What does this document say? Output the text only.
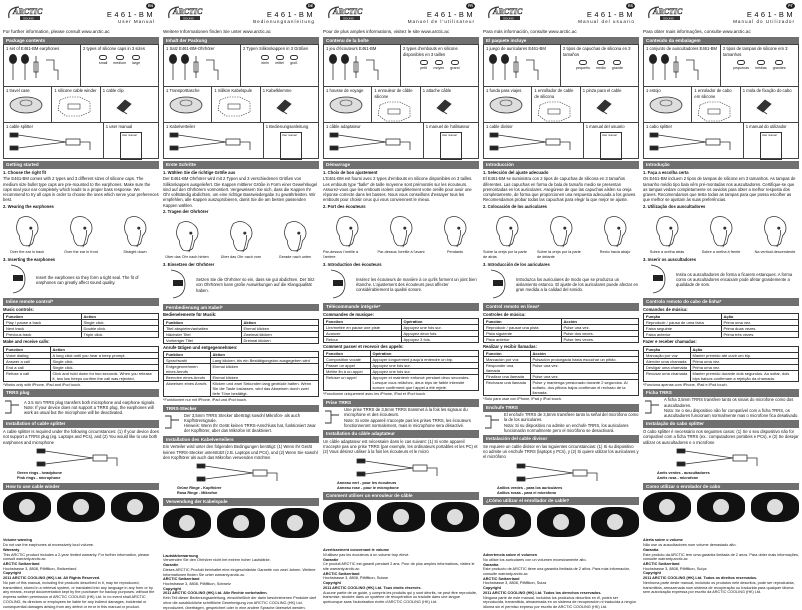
ARCTIC
SOUND
EN
E461-BM
User Manual
For further information, please consult www.arctic.ac
Package contents
1 set of E461-BM earphones	2 types of silicone caps in 3 sizes
small medium large
1 travel case	1 silicone cable winder 1 cable clip
1 cable splitter	1 user manual
User manual
Getting started
1. Choose the right fit
The E461-BM comes with 2 types and 3 different sizes of silicone caps. The medium size bullet type caps are pre-mounted to the earphones. Make sure the caps seal your ear completely which leads to a proper bass response. We recommend to try all caps in order to choose the ones which serve your preferences best.
2. Wearing the earphones
Over the ear in back	Over the ear in front	Straight down
3. Inserting the earphones
Insert the earphones so they form a tight seal. The fit of earphones can greatly affect sound quality.
Inline remote control*
Music controls:
Function	Action
Play / pause a track	Single click.
Next track	Double click.
Previous track	Triple click.
Make and receive calls:
Function	Action
Voice dialing	A long click until you hear a beep prompt.
Answer a call	Single click.
End a call	Single click.
Refuse a call	Click and hold down for two seconds. When you release it, two low beeps confirm the call was rejected.
*Works only with iPhone, iPad and iPod touch.
TRRS plug
A 3.5 mm TRRS plug transfers both microphone and earphone signals.
Note: If your device does not support a TRRS plug, the earphones will work as usual but the microphone will be deactivated.
Installation of cable splitter
A cable splitter is required under the following circumstances: (1) If your device does not support a TRRS plug (eg. Laptops and PCs), and (2) You would like to use both earphones and microphone
Green rings - headphone
Pink rings - microphone
How to use cable winder
Volume warning
Do not use the earphones at excessively loud volume.
Warranty
This ARCTIC product includes a 2-year limited warranty. For further information, please consult warranty.arctic.ac
ARCTIC Switzerland
Hochstrasse 3, 8808, Pfäffikon, Switzerland
Copyright
2011 ARCTIC COOLING (HK) Ltd. All Rights Reserved.
No part of this manual, including the products described in it, may be reproduced, transmitted, stored in a retrieval system, or translated into any language in any form or by any means, except documentation kept by the purchaser for backup purposes, without the express written permission of ARCTIC COOLING (HK) Ltd. In no event shall ARCTIC COOLING, its directors or employees be liable for any indirect damages, incidental or consequential damages arising from any defect or error in this manual or product.
ARCTIC
SOUND
DE
E461-BM
Bedienungsanleitung
Weitere Informationen finden Sie unter www.arctic.ac
Inhalt der Packung
1 Satz E461-BM-Ohrhörer	2 Typen Silikonkappen in 3 Größen
klein mittel groß
1 Transporttasche	1 Silikon Kabelspule	1 Kabelklemme
1 Kabelverteiler	1 Bedienungsanleitung
User manual
Erste Schritte
1. Wählen Sie die richtige Größe aus
Der E461-BM Ohrhörer wird mit 2 Typen und 3 verschiedenen Größen von Silikonkappen ausgeliefert. Die Kappen mittlerer Größe in Form einer Gewehrkugel sind auf den Ohrhörern vormontiert. Vergewissern Sie sich, dass die Kappen Ihr Ohr vollständig abdichten, um eine richtige Basswiedergabe zu gewährleisten. Wir empfehlen, alle Kappen auszuprobieren, damit Sie die am besten passenden Kappen wählen.
2. Tragen der Ohrhörer
Über das Ohr nach hinten	Über das Ohr nach vorn	Gerade nach unten
3. Einsetzen der Ohrhörer
Setzen Sie die Ohrhörer so ein, dass sie gut abdichten. Der Sitz von Ohrhörern kann große Auswirkungen auf die Klangqualität haben.
Fernbedienung am Kabel*
Bedienelemente für Musik:
Funktion	Aktion
Titel abspielen/anhalten	Einmal klicken
Nächster Titel	Zweimal klicken
Vorheriger Titel	Dreimal klicken
Anrufe tätigen und entgegennehmen:
Funktion	Aktion
Sprachwahl	Lang klicken, bis ein Bestätigungston ausgegeben wird
Entgegennehmen eines Anrufs	Einmal klicken
Beenden eines Anrufs	Einmal klicken
Abweisen eines Anrufs	Klicken und zwei Sekunden lang gedrückt halten. Wenn Sie die Taste loslassen, wird das Abweisen durch zwei tiefe Töne bestätigt.
*Funktioniert nur mit iPhone, iPad und iPod touch.
TRRS-Stecker
Der 3,5mm TRRS Stecker überträgt sowohl Mikrofon- als auch Kopfhörersignale.
Hinweis: Wenn Ihr Gerät keinen TRRS-Anschluss hat, funktioniert zwar der Kopfhörer, aber das Mikrofon ist deaktiviert.
Installation des Kabelverteilers
Ein Verteiler wird unter den folgenden Bedingungen benötigt: (1) Wenn Ihr Gerät keinen TRRS-Stecker unterstützt (z.B. Laptops und PCs), und (2) Wenn Sie sowohl den Kopfhörer als auch das Mikrofon verwenden möchten
Grüne Ringe - Kopfhörer
Rosa Ringe - Mikrofon
Verwendung der Kabelspule
Lautstärkewarnung
Verwenden Sie den Ohrhörer nicht bei extrem hoher Lautstärke.
Garantie
Dieses ARCTIC Produkt beinhaltet eine eingeschränkte Garantie von zwei Jahren. Weitere Informationen finden Sie unter warranty.arctic.ac
ARCTIC Switzerland
Hochstrasse 3, 8808, Pfäffikon, Schweiz
Copyright
2011 ARCTIC COOLING (HK) Ltd. Alle Rechte vorbehalten.
Kein Teil dieser Bedienungsanleitung, einschließlich der darin beschriebenen Produkte darf ohne die ausdrückliche schriftliche Genehmigung von ARCTIC COOLING (HK) Ltd. reproduziert, übertragen, gespeichert oder in eine andere Sprache übersetzt werden.
ARCTIC
SOUND
FR
E461-BM
Manuel de l'utilisateur
Pour de plus amples informations, visitez le site www.arctic.ac
Contenu de la boîte
1 jeu d'écouteurs E461-BM	2 types d'embouts en silicone disponibles en 3 tailles
petit moyen grand
1 housse de voyage	1 enrouleur de câble silicone
1 attache câble
1 câble adaptateur	1 manuel de l'utilisateur
User manual
Démarrage
1. Choix de bon ajustement
L'E461-BM est fourni avec 2 types d'embouts en silicone disponibles en 3 tailles. Les embouts type "balle" de taille moyenne sont prémontés sur les écouteurs. Assurez-vous que les embouts isolent complètement votre oreille pour avoir une réponse correcte dans les basses. Nous vous conseillons d'essayer tous les embouts pour choisir ceux qui vous conviennent le mieux.
2. Port des écouteurs
Par-dessus l'oreille à l'arrière
Par-dessus l'oreille à l'avant	Pendants
3. Introduction des écouteurs
Insérez les écouteurs de manière à ce qu'ils forment un joint bien étanche. L'ajustement des écouteurs peut affecter considérablement la qualité sonore.
Télécommande intégrée*
Commandes de musique:
Fonction	Opération
Lire/mettre en pause une piste	Appuyez une fois sur.
Avancer	Appuyez deux fois.
Retour	Appuyez 3 fois.
Comment passer et recevoir des appels:
Fonction	Opération
Composition vocale	Appuyer longuement jusqu'à entendre un bip.
Passer un appel	Appuyez une fois sur.
Mettre fin à un appel	Appuyez une fois sur.
Refuser un appel	Appuyer et maintenir enfoncé pendant deux secondes. Lorsque vous relâchez, deux bips de faible intensité sonore confirment que l'appel a été rejeté.
*Fonctionne uniquement avec les iPhone, iPad et iPod touch.
Prise TRRS
Une prise TRRS de 3,5mm TRRS transmet à la fois les signaux du microphone et des écouteurs.
Note: Si votre appareil n'accepte pas les prises TRRS, les écouteurs fonctionneront normalement, mais le microphone sera désactivé.
Installation du câble adaptateur
Un câble adaptateur est nécessaire dans le cas suivant: (1) Si votre appareil n'accepte pas une prise TRRS (par exemple, les ordinateurs portables et les PC) et (2) Vous désirez utiliser à la fois les écouteurs et le micro
Anneau vert - pour les écouteurs
Anneau rose - pour le microphone
Comment utiliser un enrouleur de câble
Avertissement concernant le volume
N'utilisez pas les écouteurs à un volume trop élevé.
Garantie
Ce produit ARCTIC est garanti pendant 2 ans. Pour de plus amples informations, visitez le site warranty.arctic.ac
ARCTIC Switzerland
Hochstrasse 3, 8808, Pfäffikon, Suisse
Copyright
2011 ARCTIC COOLING (HK) Ltd. Tous droits réservés.
Aucune partie de ce guide, y compris les produits qui y sont décrits, ne peut être reproduite, transmise, stockée dans un système de récupération ou traduite dans une langue quelconque sans l'autorisation écrite d'ARCTIC COOLING (HK) Ltd.
ARCTIC
SOUND
ES
E461-BM
Manual del usuario
Para más información, consulte www.arctic.ac
El paquete incluye
1 juego de auriculares E461-BM	2 tipos de capuchas de silicona en 3 tamaños
pequeño medio grande
1 funda para viajes	1 enrollador de cable de silicona
1 pinza para el cable
1 cable divisor	1 manual del usuario
User manual
Introducción
1. Selección del ajuste adecuado
El E461-BM se suministra con 2 tipos de capuchas de silicona en 3 tamaños diferentes. Las capuchas en forma de bala de tamaño medio se presentan premontadas en los auriculares. Asegúrese de que las capuchas aíslen su oreja completamente, de forma que proporcionen una respuesta adecuada a los graves. Recomendamos probar todas las capuchas para elegir la que mejor se ajuste.
2. Colocación de los auriculares
Sobre la oreja por la parte de atrás
Sobre la oreja por la parte de delante
Recto hacia abajo
3. Introducción de los auriculares
Introduzca los auriculares de modo que se produzca un aislamiento estanco. El ajuste de los auriculares puede afectar en gran medida a la calidad del sonido.
Control remoto en línea*
Controles de música:
Función	Acción
Reproducir / pausar una pista	Pulse una vez.
Pista siguiente	Pulse dos veces.
Pista anterior	Pulse tres veces.
Realizar y recibir llamadas:
Función	Acción
Marcación por voz	Pulsación prolongada hasta escuchar un pitido.
Responder una llamada	Pulse una vez.
Finalizar una llamada	Pulse una vez.
Rechazar una llamada	Pulse y mantenga presionado durante 2 segundos. Al soltarlo, dos pitidos bajos confirman el rechazo de la llamada.
*Solo para usar con iPhone, iPad y iPod touch.
Enchufe TRRS
El enchufe TRRS de 3,5mm transfiere tanto la señal del micrófono como la de los auriculares.
Nota: Si su dispositivo no admite un enchufe TRRS, los auriculares funcionarán normalmente pero el micrófono se desactivará.
Instalación del cable divisor
Se requiere un cable divisor en las siguientes circunstancias: (1) Si su dispositivo no admite un enchufe TRRS (laptops y PCs), y (2) Si quiere utilizar los auriculares y el micrófono
Anillos verdes - para los auriculares
Anillos rosas - para el micrófono
¿Cómo utilizar el enrollador de cable?
Advertencia sobre el volumen
No utilice los auriculares con un volumen excesivamente alto.
Garantía
Este producto de ARCTIC tiene una garantía limitada de 2 años. Para más información, consulte warranty.arctic.ac
ARCTIC Switzerland
Hochstrasse 3, 8808, Pfäffikon, Suiza
Copyright
2011 ARCTIC COOLING (HK) Ltd. Todos los derechos reservados.
Ninguna parte de este manual, incluidos los productos descritos en él, podrá ser reproducida, transmitida, almacenada en un sistema de recuperación ni traducida a ningún idioma sin el permiso expreso por escrito de ARCTIC COOLING (HK) Ltd.
ARCTIC
SOUND
PT
E461-BM
Manual do Utilizador
Para obter mais informações, consulte www.arctic.ac
Conteúdo da embalagem
1 conjunto de auscultadores E461-BM 2 tipos de tampas de silicone em 3 tamanhos
pequenas médias grandes
1 estojo	1 enrolador de cabo em silicone
1 mola de fixação do cabo
1 cabo splitter	1 manual do utilizador
User manual
Introdução
1. Faça a escolha certa
Os E461-BM incluem 2 tipos de tampas de silicone em 3 tamanhos. As tampas de tamanho médio tipo bala vêm pré-montadas nos auscultadores. Certifique-se que as tampas vedam completamente os ouvidos para obter a melhor resposta dos graves. Recomendamos que teste todas as tampas para que possa escolher as que melhor se ajustam às suas preferências.
2. Utilização dos auscultadores
Sobre a orelha atrás	Sobre a orelha à frente	Na vertical descendente
3. Inserir os auscultadores
Insira os auscultadores de forma a ficarem estanques. A forma como os auscultadores encaixam pode afetar grandemente a qualidade de som.
Controlo remoto do cabo de linha*
Comandos de música:
Função	Ação
Reproduzir / pausa de uma faixa	Prima uma vez.
Faixa seguinte	Prima duas vezes.
Faixa anterior	Prima três vezes.
Fazer e receber chamadas:
Função	Ação
Marcação por voz	Manter premido até ouvir um bip.
Atender uma chamada	Prima uma vez.
Desligar uma chamada	Prima uma vez.
Recusar uma chamada	Manter premido durante dois segundos. Ao soltar, dois bips baixos confirmam a rejeição da chamada.
*Funciona apenas com iPhone, iPad e iPod touch.
Ficha TRRS
A ficha 3,5mm TRRS transfere tanto os sinais do microfone como dos auscultadores.
Nota: Se o seu dispositivo não for compatível com a ficha TRRS, os auscultadores funcionam normalmente mas o microfone fica desativado.
Instalação do cabo splitter
O cabo splitter é necessário nos seguintes casos: (1) Se o seu dispositivo não for compatível com a ficha TRRS (ex.: computadores portáteis e PCs), e (2) Se desejar utilizar os auscultadores e o microfone
Anéis verdes - auscultadores
Anéis rosa - microfone
Como utilizar o enrolador de cabo
Alerta sobre o volume
Não use os auscultadores num volume demasiado alto.
Garantia
Este produto da ARCTIC tem uma garantia limitada de 2 anos. Para obter mais informações, consulte warranty.arctic.ac
ARCTIC Switzerland
Hochstrasse 3, 8808, Pfäffikon, Suíça
Copyright
2011 ARCTIC COOLING (HK) Ltd. Todos os direitos reservados.
Nenhuma parte deste manual, incluindo os produtos nele descritos, pode ser reproduzida, transmitida, armazenada num sistema de recuperação ou traduzida para qualquer idioma sem autorização expressa por escrito da ARCTIC COOLING (HK) Ltd.
